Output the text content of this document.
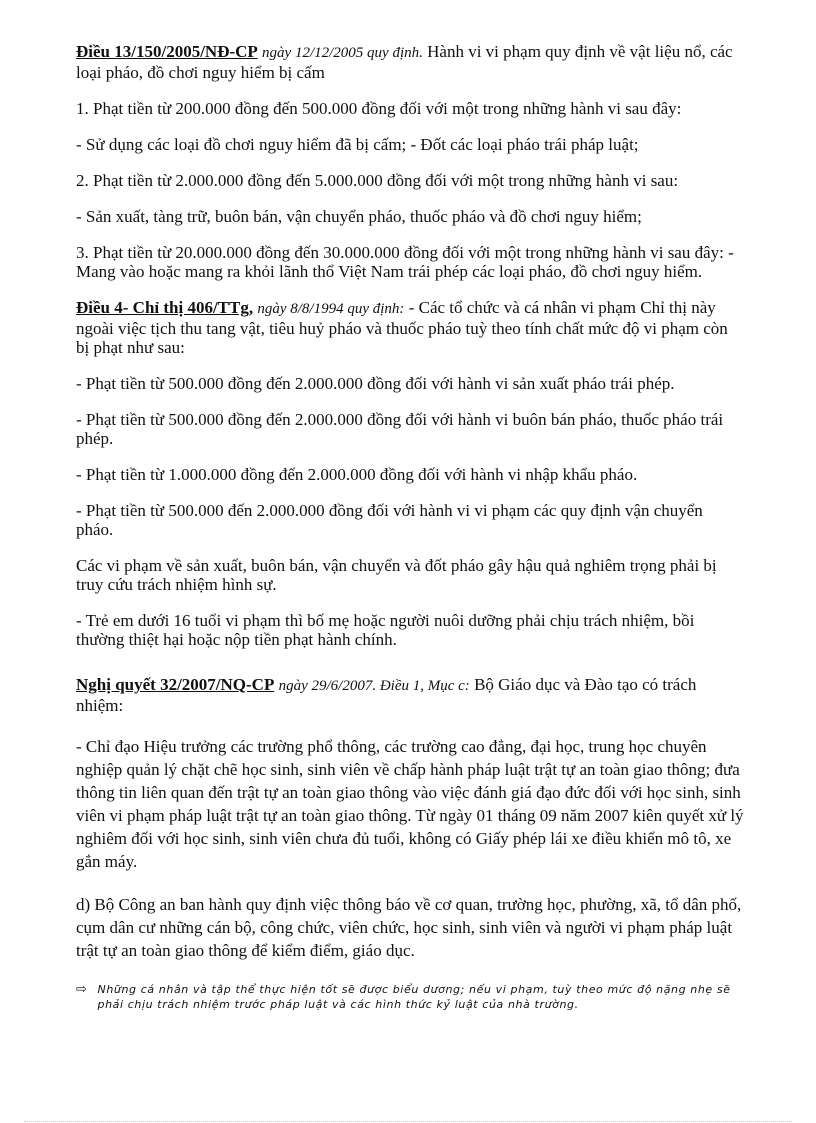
Điều 13/150/2005/NĐ-CP ngày 12/12/2005 quy định. Hành vi vi phạm quy định về vật liệu nổ, các loại pháo, đồ chơi nguy hiểm bị cấm

1. Phạt tiền từ 200.000 đồng đến 500.000 đồng đối với một trong những hành vi sau đây:

- Sử dụng các loại đồ chơi nguy hiểm đã bị cấm; - Đốt các loại pháo trái pháp luật;

2. Phạt tiền từ 2.000.000 đồng đến 5.000.000 đồng đối với một trong những hành vi sau:

- Sản xuất, tàng trữ, buôn bán, vận chuyển pháo, thuốc pháo và đồ chơi nguy hiểm;

3. Phạt tiền từ 20.000.000 đồng đến 30.000.000 đồng đối với một trong những hành vi sau đây: - Mang vào hoặc mang ra khỏi lãnh thổ Việt Nam trái phép các loại pháo, đồ chơi nguy hiểm.

Điều 4- Chỉ thị 406/TTg, ngày 8/8/1994 quy định: - Các tổ chức và cá nhân vi phạm Chỉ thị này ngoài việc tịch thu tang vật, tiêu huỷ pháo và thuốc pháo tuỳ theo tính chất mức độ vi phạm còn bị phạt như sau:

- Phạt tiền từ 500.000 đồng đến 2.000.000 đồng đối với hành vi sản xuất pháo trái phép.

- Phạt tiền từ 500.000 đồng đến 2.000.000 đồng đối với hành vi buôn bán pháo, thuốc pháo trái phép.

- Phạt tiền từ 1.000.000 đồng đến 2.000.000 đồng đối với hành vi nhập khẩu pháo.

- Phạt tiền từ 500.000 đến 2.000.000 đồng đối với hành vi vi phạm các quy định vận chuyển pháo.

Các vi phạm về sản xuất, buôn bán, vận chuyển và đốt pháo gây hậu quả nghiêm trọng phải bị truy cứu trách nhiệm hình sự.

- Trẻ em dưới 16 tuổi vi phạm thì bố mẹ hoặc người nuôi dưỡng phải chịu trách nhiệm, bồi thường thiệt hại hoặc nộp tiền phạt hành chính.

Nghị quyết 32/2007/NQ-CP ngày 29/6/2007. Điều 1, Mục c: Bộ Giáo dục và Đào tạo có trách nhiệm:

- Chỉ đạo Hiệu trưởng các trường phổ thông, các trường cao đẳng, đại học, trung học chuyên nghiệp quản lý chặt chẽ học sinh, sinh viên về chấp hành pháp luật trật tự an toàn giao thông; đưa thông tin liên quan đến trật tự an toàn giao thông vào việc đánh giá đạo đức đối với học sinh, sinh viên vi phạm pháp luật trật tự an toàn giao thông. Từ ngày 01 tháng 09 năm 2007 kiên quyết xử lý nghiêm đối với học sinh, sinh viên chưa đủ tuổi, không có Giấy phép lái xe điều khiển mô tô, xe gắn máy.

d) Bộ Công an ban hành quy định việc thông báo về cơ quan, trường học, phường, xã, tổ dân phố, cụm dân cư những cán bộ, công chức, viên chức, học sinh, sinh viên và người vi phạm pháp luật trật tự an toàn giao thông để kiểm điểm, giáo dục.

⇨ Những cá nhân và tập thể thực hiện tốt sẽ được biểu dương; nếu vi phạm, tuỳ theo mức độ nặng nhẹ sẽ phải chịu trách nhiệm trước pháp luật và các hình thức kỷ luật của nhà trường.
